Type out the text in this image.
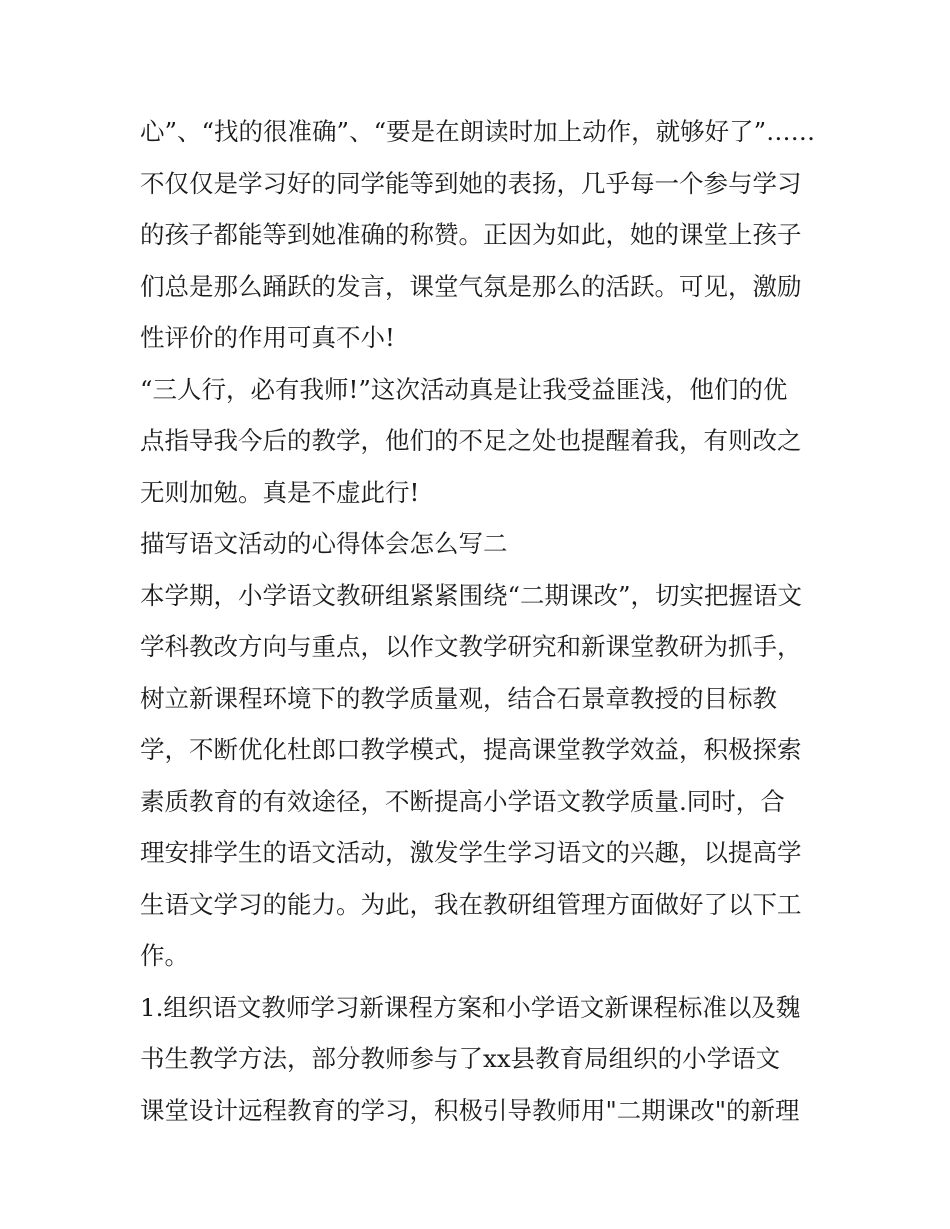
心”、“找的很准确”、“要是在朗读时加上动作，就够好了”……
不仅仅是学习好的同学能等到她的表扬，几乎每一个参与学习
的孩子都能等到她准确的称赞。正因为如此，她的课堂上孩子
们总是那么踊跃的发言，课堂气氛是那么的活跃。可见，激励
性评价的作用可真不小!
“三人行，必有我师!”这次活动真是让我受益匪浅，他们的优
点指导我今后的教学，他们的不足之处也提醒着我，有则改之
无则加勉。真是不虚此行!
描写语文活动的心得体会怎么写二
本学期，小学语文教研组紧紧围绕“二期课改”，切实把握语文
学科教改方向与重点，以作文教学研究和新课堂教研为抓手，
树立新课程环境下的教学质量观，结合石景章教授的目标教
学，不断优化杜郎口教学模式，提高课堂教学效益，积极探索
素质教育的有效途径，不断提高小学语文教学质量.同时，合
理安排学生的语文活动，激发学生学习语文的兴趣，以提高学
生语文学习的能力。为此，我在教研组管理方面做好了以下工
作。
1.组织语文教师学习新课程方案和小学语文新课程标准以及魏
书生教学方法，部分教师参与了xx县教育局组织的小学语文
课堂设计远程教育的学习，积极引导教师用"二期课改"的新理
